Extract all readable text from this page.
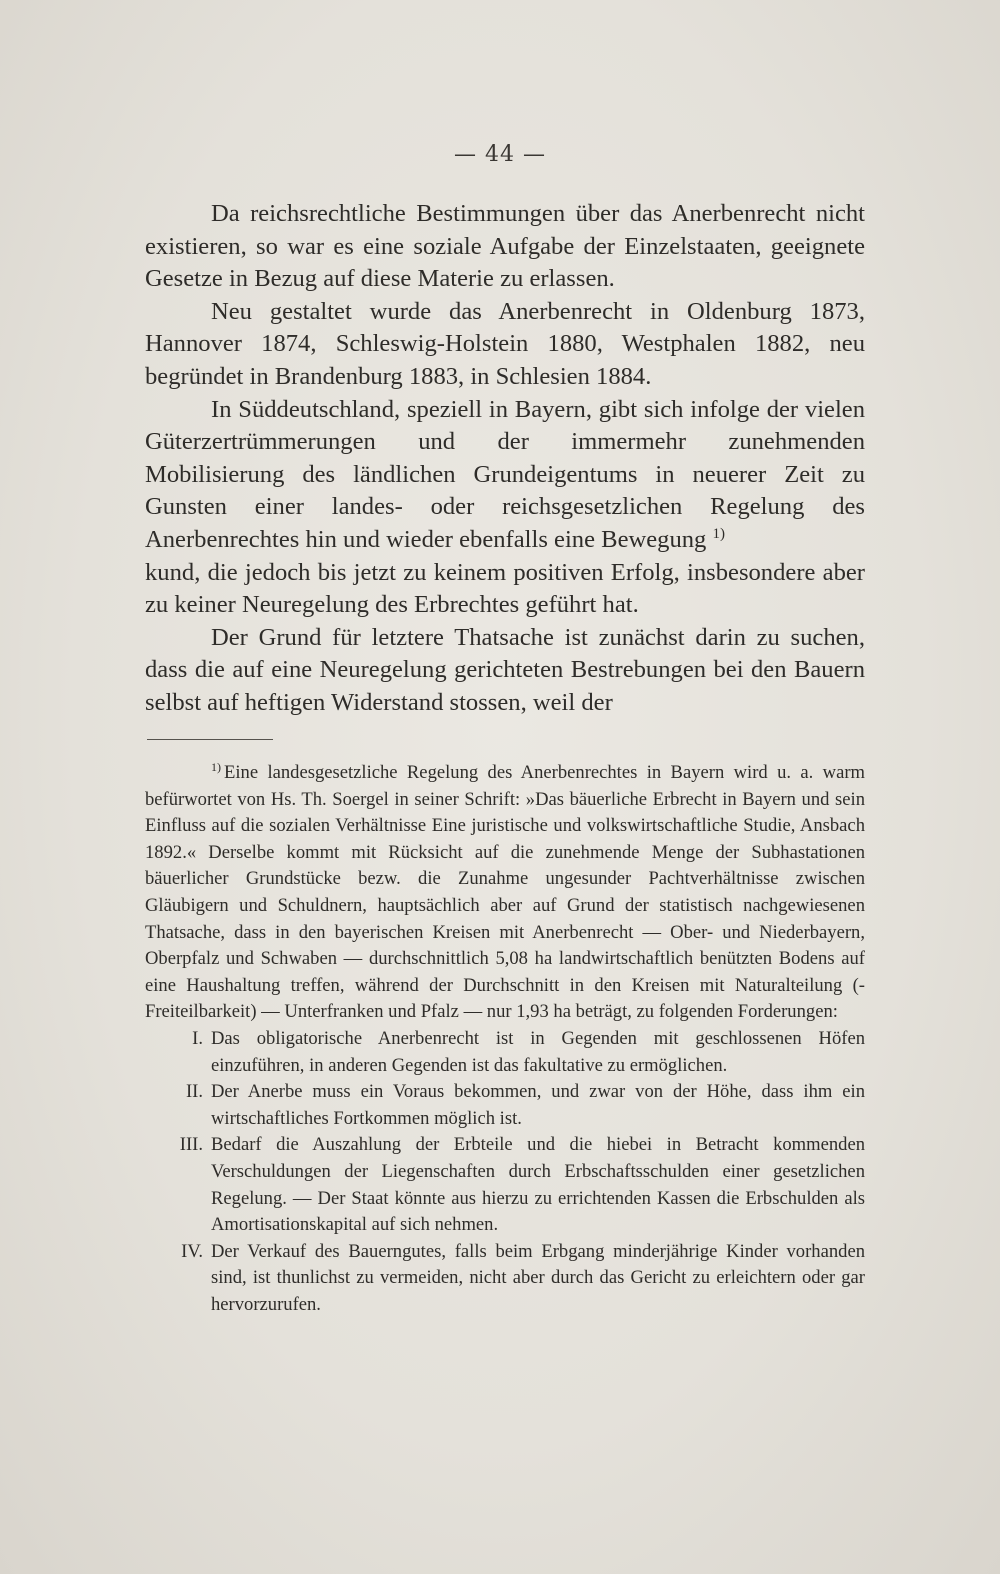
— 44 —

Da reichsrechtliche Bestimmungen über das Anerbenrecht nicht existieren, so war es eine soziale Aufgabe der Einzelstaaten, geeignete Gesetze in Bezug auf diese Materie zu erlassen.

Neu gestaltet wurde das Anerbenrecht in Oldenburg 1873, Hannover 1874, Schleswig-Holstein 1880, Westphalen 1882, neu begründet in Brandenburg 1883, in Schlesien 1884.

In Süddeutschland, speziell in Bayern, gibt sich infolge der vielen Güterzertrümmerungen und der immermehr zunehmenden Mobilisierung des ländlichen Grundeigentums in neuerer Zeit zu Gunsten einer landes- oder reichsgesetzlichen Regelung des Anerbenrechtes hin und wieder ebenfalls eine Bewegung $^{1)}$
kund, die jedoch bis jetzt zu keinem positiven Erfolg, insbesondere aber zu keiner Neuregelung des Erbrechtes geführt hat.

Der Grund für letztere Thatsache ist zunächst darin zu suchen, dass die auf eine Neuregelung gerichteten Bestrebungen bei den Bauern selbst auf heftigen Widerstand stossen, weil der

$^{1)}$ Eine landesgesetzliche Regelung des Anerbenrechtes in Bayern wird u. a. warm befürwortet von Hs. Th. Soergel in seiner Schrift: »Das bäuerliche Erbrecht in Bayern und sein Einfluss auf die sozialen Verhältnisse Eine juristische und volkswirtschaftliche Studie, Ansbach 1892.« Derselbe kommt mit Rücksicht auf die zunehmende Menge der Subhastationen bäuerlicher Grundstücke bezw. die Zunahme ungesunder Pachtverhältnisse zwischen Gläubigern und Schuldnern, hauptsächlich aber auf Grund der statistisch nachgewiesenen Thatsache, dass in den bayerischen Kreisen mit Anerbenrecht — Ober- und Niederbayern, Oberpfalz und Schwaben — durchschnittlich 5,08 ha landwirtschaftlich benützten Bodens auf eine Haushaltung treffen, während der Durchschnitt in den Kreisen mit Naturalteilung (-Freiteilbarkeit) — Unterfranken und Pfalz — nur 1,93 ha beträgt, zu folgenden Forderungen:

I. Das obligatorische Anerbenrecht ist in Gegenden mit geschlossenen Höfen einzuführen, in anderen Gegenden ist das fakultative zu ermöglichen.
II. Der Anerbe muss ein Voraus bekommen, und zwar von der Höhe, dass ihm ein wirtschaftliches Fortkommen möglich ist.
III. Bedarf die Auszahlung der Erbteile und die hiebei in Betracht kommenden Verschuldungen der Liegenschaften durch Erbschaftsschulden einer gesetzlichen Regelung. — Der Staat könnte aus hierzu zu errichtenden Kassen die Erbschulden als Amortisationskapital auf sich nehmen.
IV. Der Verkauf des Bauerngutes, falls beim Erbgang minderjährige Kinder vorhanden sind, ist thunlichst zu vermeiden, nicht aber durch das Gericht zu erleichtern oder gar hervorzurufen.
